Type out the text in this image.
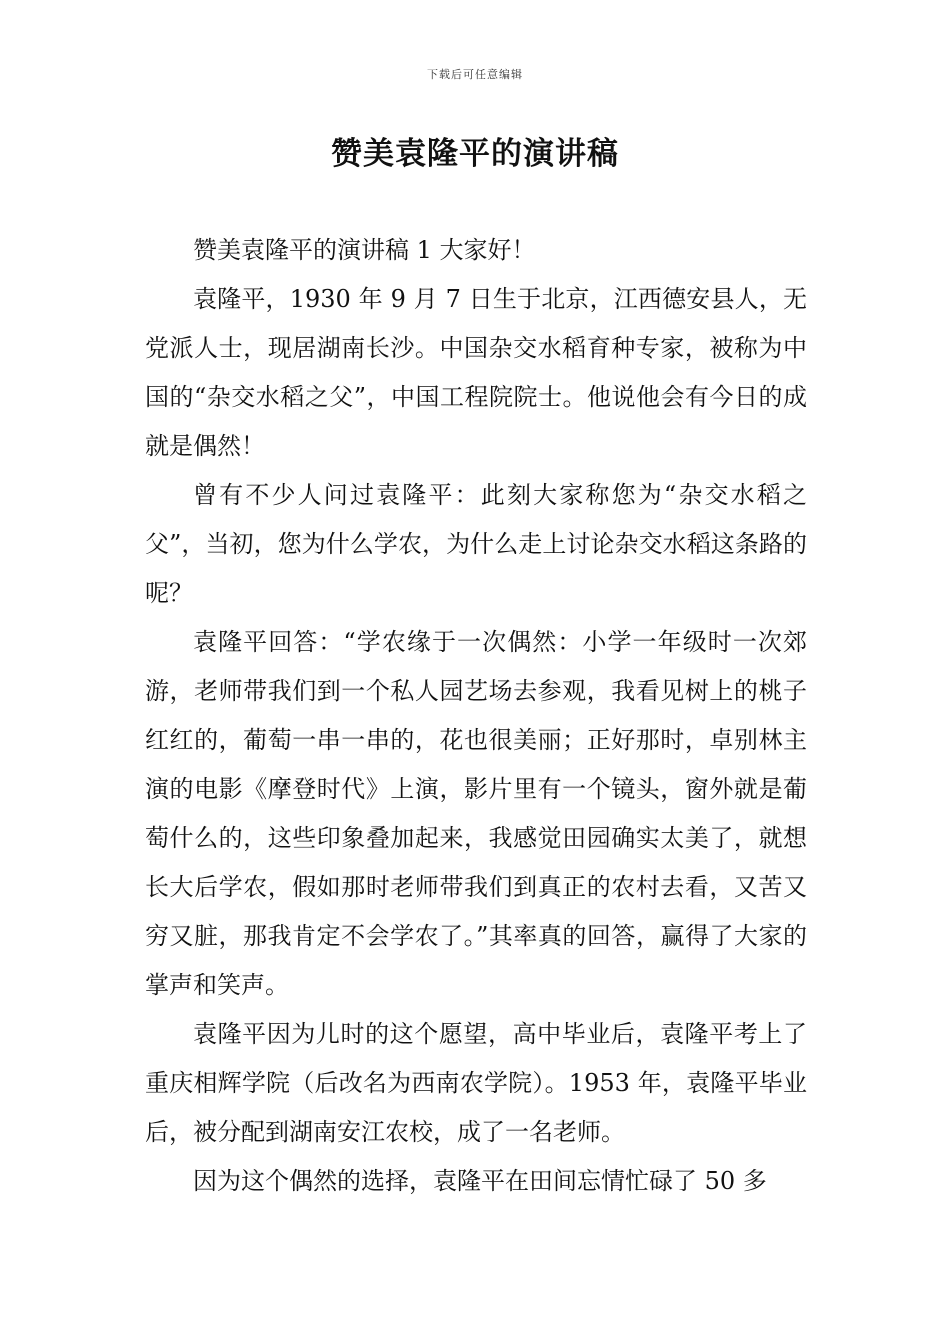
下载后可任意编辑
赞美袁隆平的演讲稿

赞美袁隆平的演讲稿 1 大家好！

袁隆平，1930 年 9 月 7 日生于北京，江西德安县人，无党派人士，现居湖南长沙。中国杂交水稻育种专家，被称为中国的“杂交水稻之父”，中国工程院院士。他说他会有今日的成就是偶然！

曾有不少人问过袁隆平：此刻大家称您为“杂交水稻之父”，当初，您为什么学农，为什么走上讨论杂交水稻这条路的呢？

袁隆平回答：“学农缘于一次偶然：小学一年级时一次郊游，老师带我们到一个私人园艺场去参观，我看见树上的桃子红红的，葡萄一串一串的，花也很美丽；正好那时，卓别林主演的电影《摩登时代》上演，影片里有一个镜头，窗外就是葡萄什么的，这些印象叠加起来，我感觉田园确实太美了，就想长大后学农，假如那时老师带我们到真正的农村去看，又苦又穷又脏，那我肯定不会学农了。”其率真的回答，赢得了大家的掌声和笑声。

袁隆平因为儿时的这个愿望，高中毕业后，袁隆平考上了重庆相辉学院（后改名为西南农学院）。1953 年，袁隆平毕业后，被分配到湖南安江农校，成了一名老师。

因为这个偶然的选择，袁隆平在田间忘情忙碌了 50 多
